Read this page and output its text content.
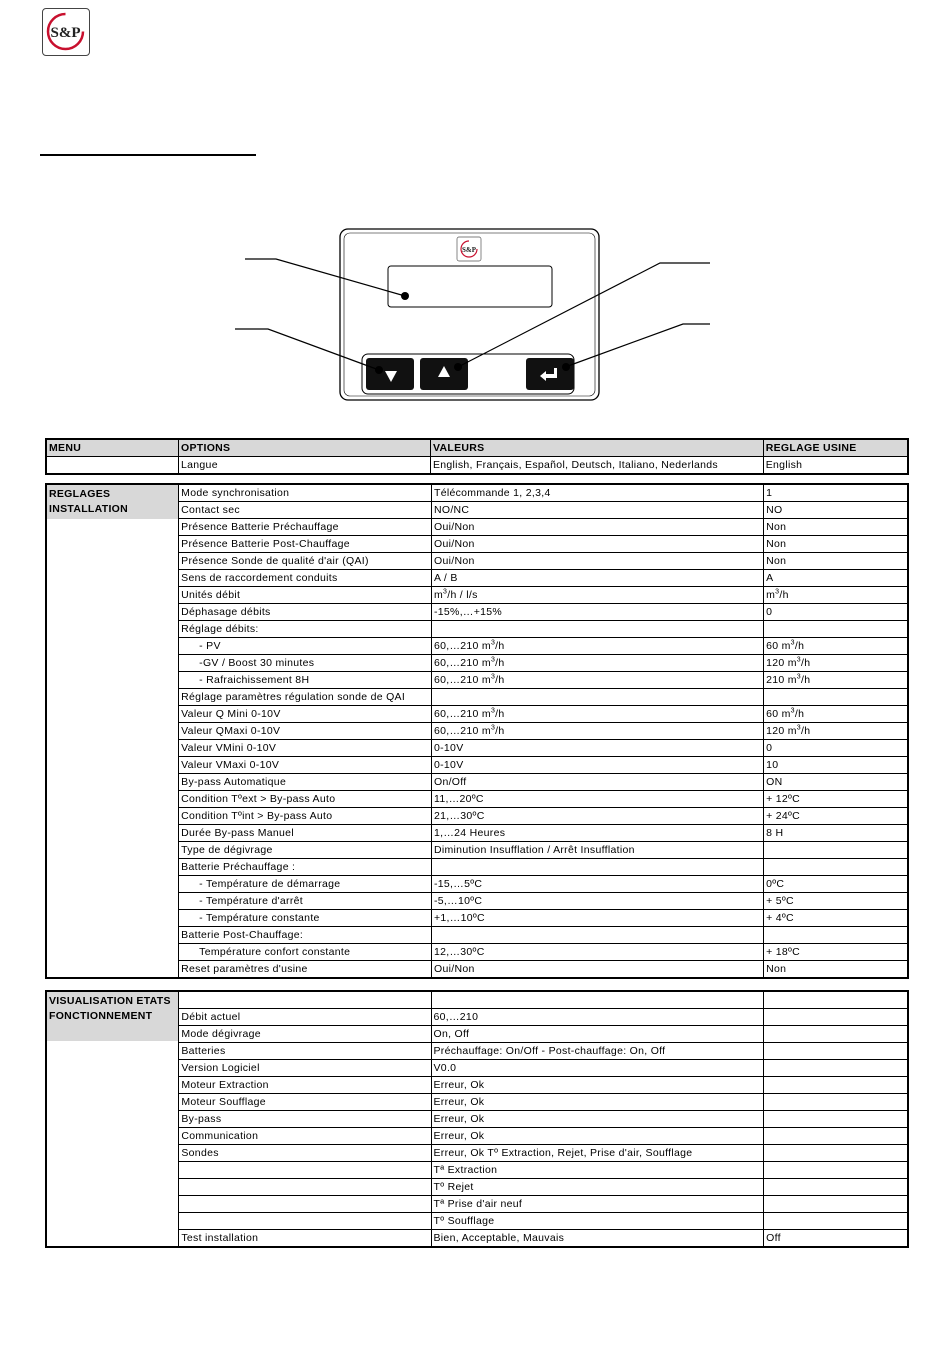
S&P
S&P
MENU	OPTIONS	VALEURS	REGLAGE USINE
	Langue	English, Français, Español, Deutsch, Italiano, Nederlands	English
REGLAGES INSTALLATION	Mode synchronisation	Télécommande 1, 2,3,4	1
	Contact sec	NO/NC	NO
	Présence Batterie Préchauffage	Oui/Non	Non
	Présence Batterie Post-Chauffage	Oui/Non	Non
	Présence Sonde de qualité d'air (QAI)	Oui/Non	Non
	Sens de raccordement conduits	A / B	A
	Unités débit	$m^3/h / l/s$	$m^3/h$
	Déphasage débits	-15%,…+15%	0
	Réglage débits:		
	- PV	60,…210 $m^3/h$	60 $m^3/h$
	-GV / Boost 30 minutes	60,…210 $m^3/h$	120 $m^3/h$
	- Rafraichissement 8H	60,…210 $m^3/h$	210 $m^3/h$
	Réglage paramètres régulation sonde de QAI		
	Valeur Q Mini 0-10V	60,…210 $m^3/h$	60 $m^3/h$
	Valeur QMaxi 0-10V	60,…210 $m^3/h$	120 $m^3/h$
	Valeur VMini 0-10V	0-10V	0
	Valeur VMaxi 0-10V	0-10V	10
	By-pass Automatique	On/Off	ON
	Condition Tºext > By-pass Auto	11,…20ºC	+ 12ºC
	Condition Tºint > By-pass Auto	21,…30ºC	+ 24ºC
	Durée By-pass Manuel	1,…24 Heures	8 H
	Type de dégivrage	Diminution Insufflation / Arrêt Insufflation	
	Batterie Préchauffage :		
	- Température de démarrage	-15,…5ºC	0ºC
	- Température d'arrêt	-5,…10ºC	+ 5ºC
	- Température constante	+1,…10ºC	+ 4ºC
	Batterie Post-Chauffage:		
	Température confort constante	12,…30ºC	+ 18ºC
	Reset paramètres d'usine	Oui/Non	Non
VISUALISATION ETATS FONCTIONNEMENT			
	Débit actuel	60,…210	
	Mode dégivrage	On, Off	
	Batteries	Préchauffage: On/Off - Post-chauffage: On, Off	
	Version Logiciel	V0.0	
	Moteur Extraction	Erreur, Ok	
	Moteur Soufflage	Erreur, Ok	
	By-pass	Erreur, Ok	
	Communication	Erreur, Ok	
	Sondes	Erreur, Ok Tº Extraction, Rejet, Prise d'air, Soufflage	
		Tª Extraction	
		Tº Rejet	
		Tª Prise d'air neuf	
		Tº Soufflage	
	Test installation	Bien, Acceptable, Mauvais	Off
